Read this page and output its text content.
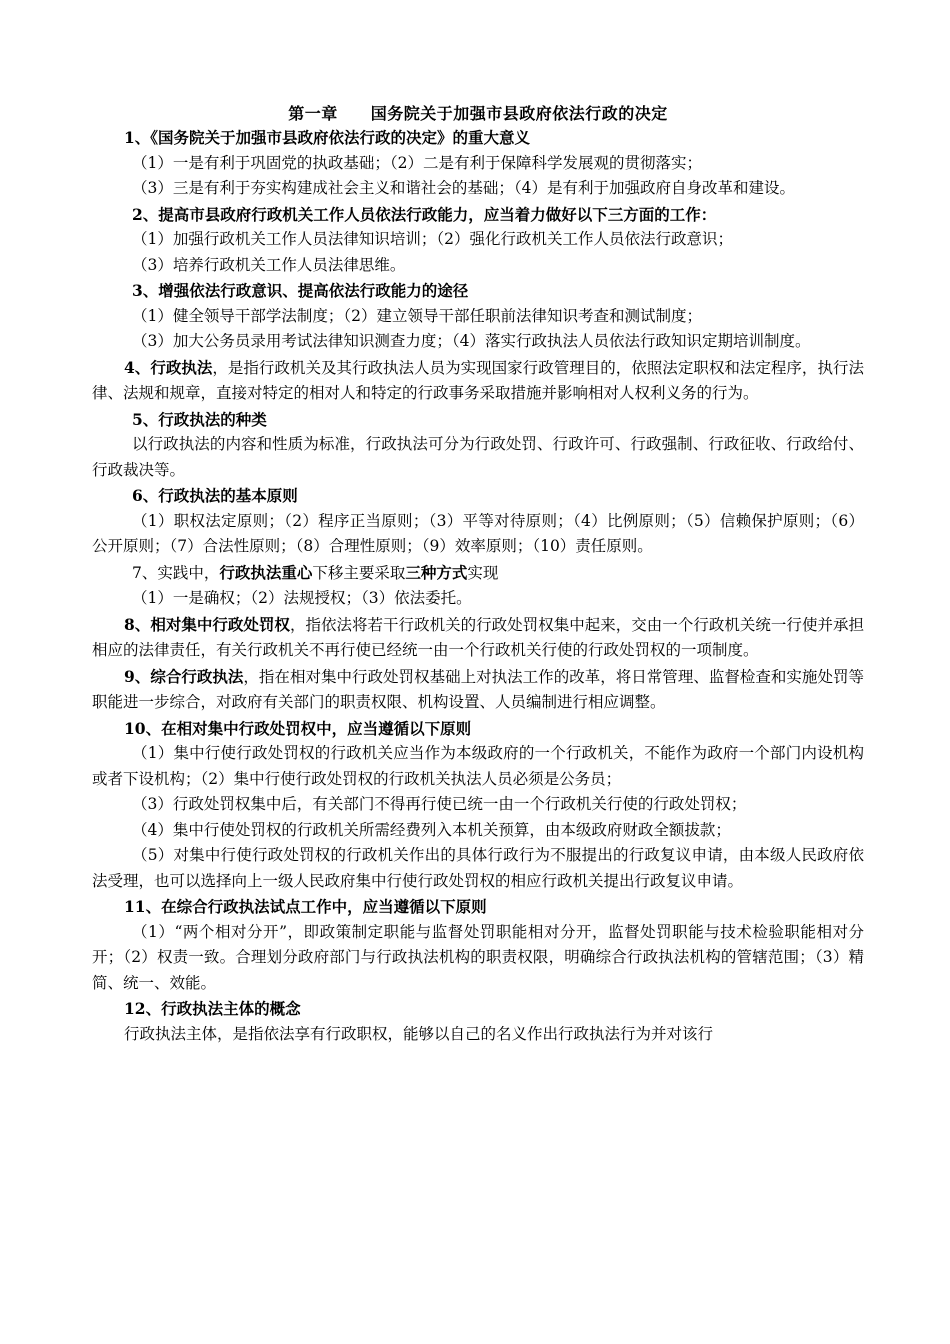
第一章　　国务院关于加强市县政府依法行政的决定

1、《国务院关于加强市县政府依法行政的决定》的重大意义

（1）一是有利于巩固党的执政基础；（2）二是有利于保障科学发展观的贯彻落实；

（3）三是有利于夯实构建成社会主义和谐社会的基础；（4）是有利于加强政府自身改革和建设。

2、提高市县政府行政机关工作人员依法行政能力，应当着力做好以下三方面的工作：

（1）加强行政机关工作人员法律知识培训；（2）强化行政机关工作人员依法行政意识；

（3）培养行政机关工作人员法律思维。

3、增强依法行政意识、提高依法行政能力的途径

（1）健全领导干部学法制度；（2）建立领导干部任职前法律知识考查和测试制度；

（3）加大公务员录用考试法律知识测查力度；（4）落实行政执法人员依法行政知识定期培训制度。

4、行政执法，是指行政机关及其行政执法人员为实现国家行政管理目的，依照法定职权和法定程序，执行法律、法规和规章，直接对特定的相对人和特定的行政事务采取措施并影响相对人权利义务的行为。

5、行政执法的种类

以行政执法的内容和性质为标准，行政执法可分为行政处罚、行政许可、行政强制、行政征收、行政给付、行政裁决等。

6、行政执法的基本原则

（1）职权法定原则；（2）程序正当原则；（3）平等对待原则；（4）比例原则；（5）信赖保护原则；（6）公开原则；（7）合法性原则；（8）合理性原则；（9）效率原则；（10）责任原则。

7、实践中，行政执法重心下移主要采取三种方式实现

（1）一是确权；（2）法规授权；（3）依法委托。

8、相对集中行政处罚权，指依法将若干行政机关的行政处罚权集中起来，交由一个行政机关统一行使并承担相应的法律责任，有关行政机关不再行使已经统一由一个行政机关行使的行政处罚权的一项制度。

9、综合行政执法，指在相对集中行政处罚权基础上对执法工作的改革，将日常管理、监督检查和实施处罚等职能进一步综合，对政府有关部门的职责权限、机构设置、人员编制进行相应调整。

10、在相对集中行政处罚权中，应当遵循以下原则

（1）集中行使行政处罚权的行政机关应当作为本级政府的一个行政机关，不能作为政府一个部门内设机构或者下设机构；（2）集中行使行政处罚权的行政机关执法人员必须是公务员；

（3）行政处罚权集中后，有关部门不得再行使已统一由一个行政机关行使的行政处罚权；

（4）集中行使处罚权的行政机关所需经费列入本机关预算，由本级政府财政全额拔款；

（5）对集中行使行政处罚权的行政机关作出的具体行政行为不服提出的行政复议申请，由本级人民政府依法受理，也可以选择向上一级人民政府集中行使行政处罚权的相应行政机关提出行政复议申请。

11、在综合行政执法试点工作中，应当遵循以下原则

（1）“两个相对分开”，即政策制定职能与监督处罚职能相对分开，监督处罚职能与技术检验职能相对分开；（2）权责一致。合理划分政府部门与行政执法机构的职责权限，明确综合行政执法机构的管辖范围；（3）精简、统一、效能。

12、行政执法主体的概念

行政执法主体，是指依法享有行政职权，能够以自己的名义作出行政执法行为并对该行
